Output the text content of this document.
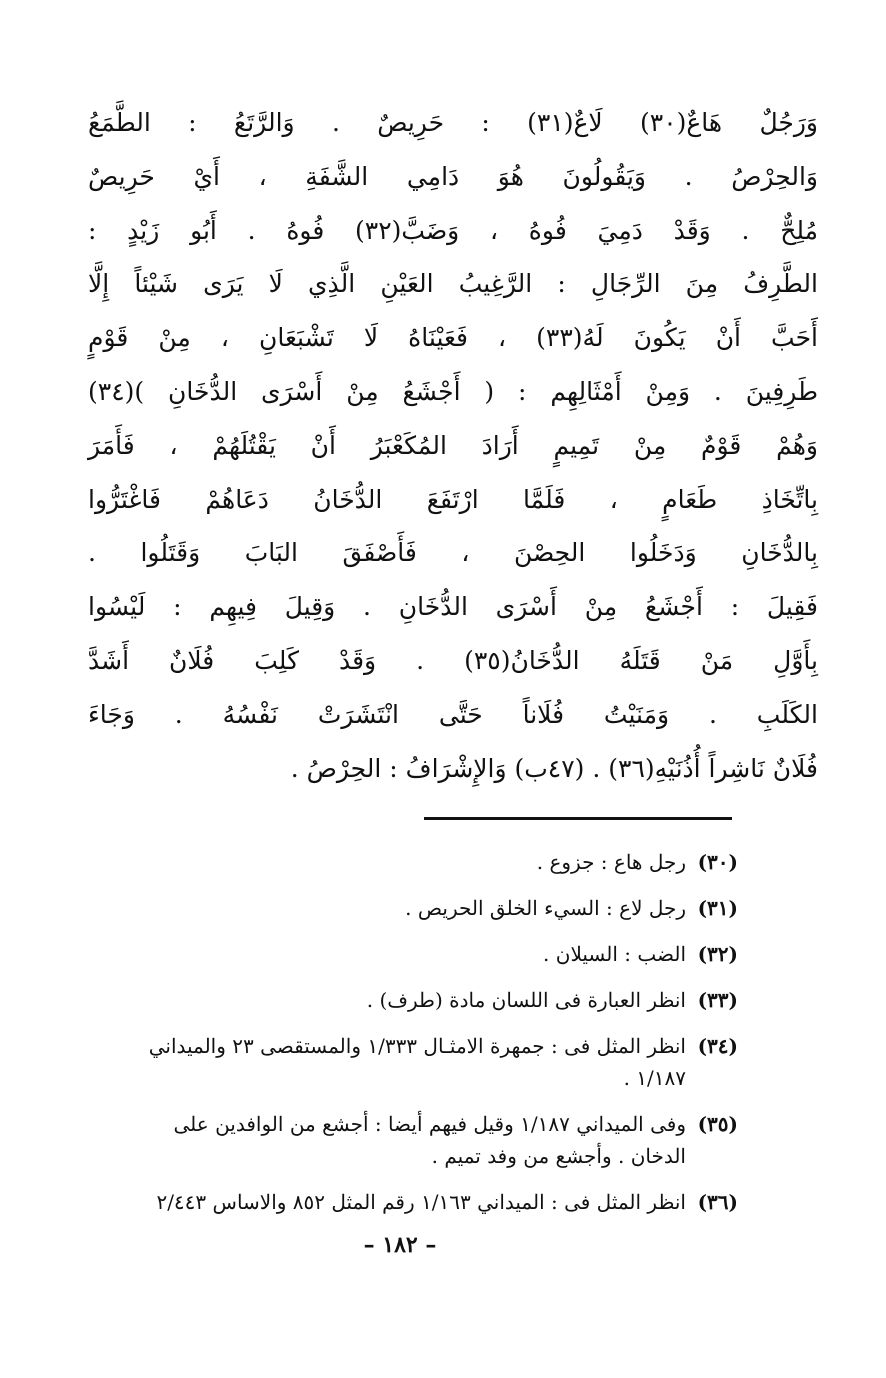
وَرَجُلٌ هَاعٌ(٣٠) لَاعٌ(٣١) : حَرِيصٌ . وَالرَّتَعُ : الطَّمَعُ
وَالحِرْصُ . وَيَقُولُونَ هُوَ دَامِي الشَّفَةِ ، أَيْ حَرِيصٌ
مُلِحٌّ . وَقَدْ دَمِيَ فُوهُ ، وَضَبَّ(٣٢) فُوهُ . أَبُو زَيْدٍ :
الطَّرِفُ مِنَ الرِّجَالِ : الرَّغِيبُ العَيْنِ الَّذِي لَا يَرَى شَيْئاً إِلَّا
أَحَبَّ أَنْ يَكُونَ لَهُ(٣٣) ، فَعَيْنَاهُ لَا تَشْبَعَانِ ، مِنْ قَوْمٍ
طَرِفِينَ . وَمِنْ أَمْثَالِهِم : ( أَجْشَعُ مِنْ أَسْرَى الدُّخَانِ )(٣٤)
وَهُمْ قَوْمٌ مِنْ تَمِيمٍ أَرَادَ المُكَعْبَرُ أَنْ يَقْتُلَهُمْ ، فَأَمَرَ
بِاتِّخَاذِ طَعَامٍ ، فَلَمَّا ارْتَفَعَ الدُّخَانُ دَعَاهُمْ فَاغْتَرُّوا
بِالدُّخَانِ وَدَخَلُوا الحِصْنَ ، فَأَصْفَقَ البَابَ وَقَتَلُوا .
فَقِيلَ : أَجْشَعُ مِنْ أَسْرَى الدُّخَانِ . وَقِيلَ فِيهِم : لَيْسُوا
بِأَوَّلِ مَنْ قَتَلَهُ الدُّخَانُ(٣٥) . وَقَدْ كَلِبَ فُلَانٌ أَشَدَّ
الكَلَبِ . وَمَنَيْتُ فُلَاناً حَتَّى انْتَشَرَتْ نَفْسُهُ . وَجَاءَ
فُلَانٌ نَاشِراً أُذُنَيْهِ(٣٦) . (٤٧ب) وَالإِشْرَافُ : الحِرْصُ .
(٣٠)رجل هاع : جزوع .
(٣١)رجل لاع : السيء الخلق الحريص .
(٣٢)الضب : السيلان .
(٣٣)انظر العبارة فى اللسان مادة (طرف) .
(٣٤)انظر المثل فى : جمهرة الامثـال ١/٣٣٣ والمستقصى ٢٣ والميداني
١/١٨٧ .
(٣٥)وفى الميداني ١/١٨٧ وقيل فيهم أيضا : أجشع من الوافدين على
الدخان . وأجشع من وفد تميم .
(٣٦)انظر المثل فى : الميداني ١/١٦٣ رقم المثل ٨٥٢ والاساس ٢/٤٤٣
– ١٨٢ –
